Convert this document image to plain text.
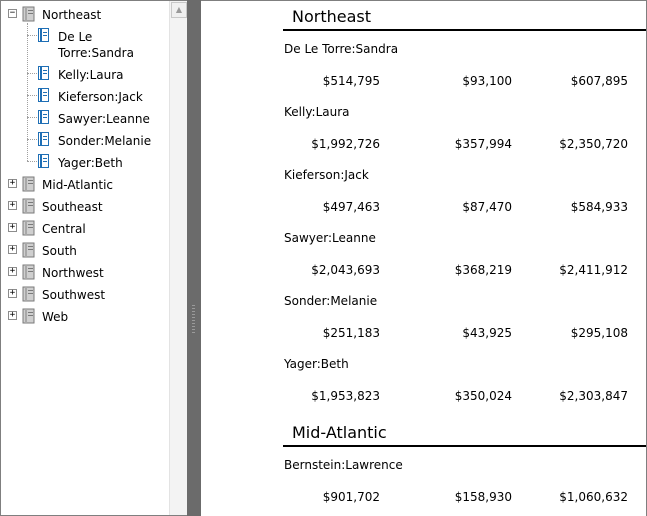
− Northeast
De Le
Torre:Sandra
Kelly:Laura
Kieferson:Jack
Sawyer:Leanne
Sonder:Melanie
Yager:Beth
+ Mid-Atlantic
+ Southeast
+ Central
+ South
+ Northwest
+ Southwest
+ Web
▲	Northeast
De Le Torre:Sandra
$514,795	$93,100	$607,895
Kelly:Laura
$1,992,726	$357,994	$2,350,720
Kieferson:Jack
$497,463	$87,470	$584,933
Sawyer:Leanne
$2,043,693	$368,219	$2,411,912
Sonder:Melanie
$251,183	$43,925	$295,108
Yager:Beth
$1,953,823	$350,024	$2,303,847
Mid-Atlantic
Bernstein:Lawrence
$901,702	$158,930	$1,060,632
